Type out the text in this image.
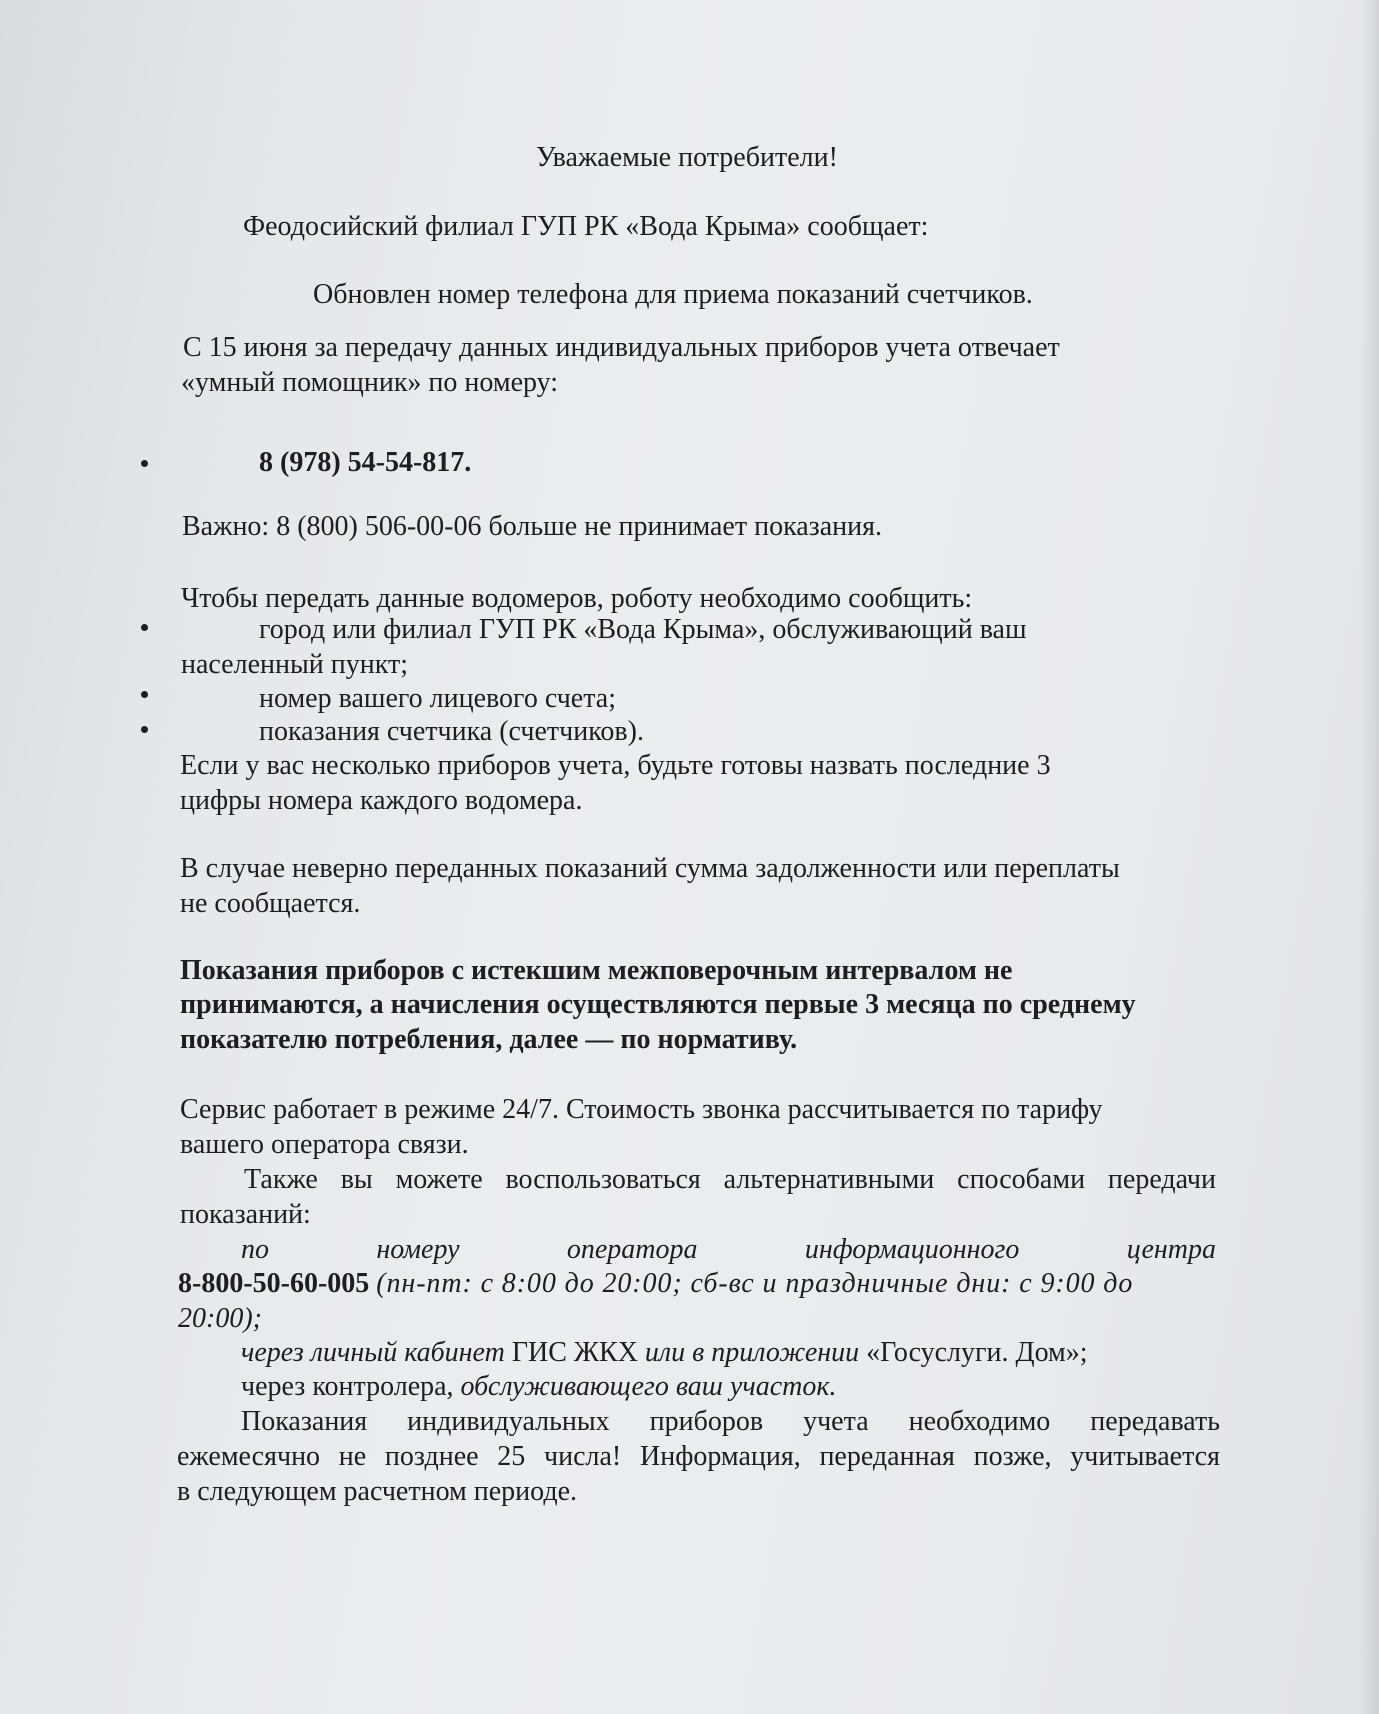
Уважаемые потребители!

Феодосийский филиал ГУП РК «Вода Крыма» сообщает:

Обновлен номер телефона для приема показаний счетчиков.

С 15 июня за передачу данных индивидуальных приборов учета отвечает

«умный помощник» по номеру:

8 (978) 54-54-817.

Важно: 8 (800) 506-00-06 больше не принимает показания.

Чтобы передать данные водомеров, роботу необходимо сообщить:

город или филиал ГУП РК «Вода Крыма», обслуживающий ваш

населенный пункт;

номер вашего лицевого счета;

показания счетчика (счетчиков).

Если у вас несколько приборов учета, будьте готовы назвать последние 3

цифры номера каждого водомера.

В случае неверно переданных показаний сумма задолженности или переплаты

не сообщается.

Показания приборов с истекшим межповерочным интервалом не

принимаются, а начисления осуществляются первые 3 месяца по среднему

показателю потребления, далее — по нормативу.

Сервис работает в режиме 24/7. Стоимость звонка рассчитывается по тарифу

вашего оператора связи.

Также вы можете воспользоваться альтернативными способами передачи

показаний:

по номеру оператора информационного центра

8-800-50-60-005 (пн-пт: с 8:00 до 20:00; сб-вс и праздничные дни: с 9:00 до

20:00);

через личный кабинет ГИС ЖКХ или в приложении «Госуслуги. Дом»;

через контролера, обслуживающего ваш участок.

Показания индивидуальных приборов учета необходимо передавать

ежемесячно не позднее 25 числа! Информация, переданная позже, учитывается

в следующем расчетном периоде.
